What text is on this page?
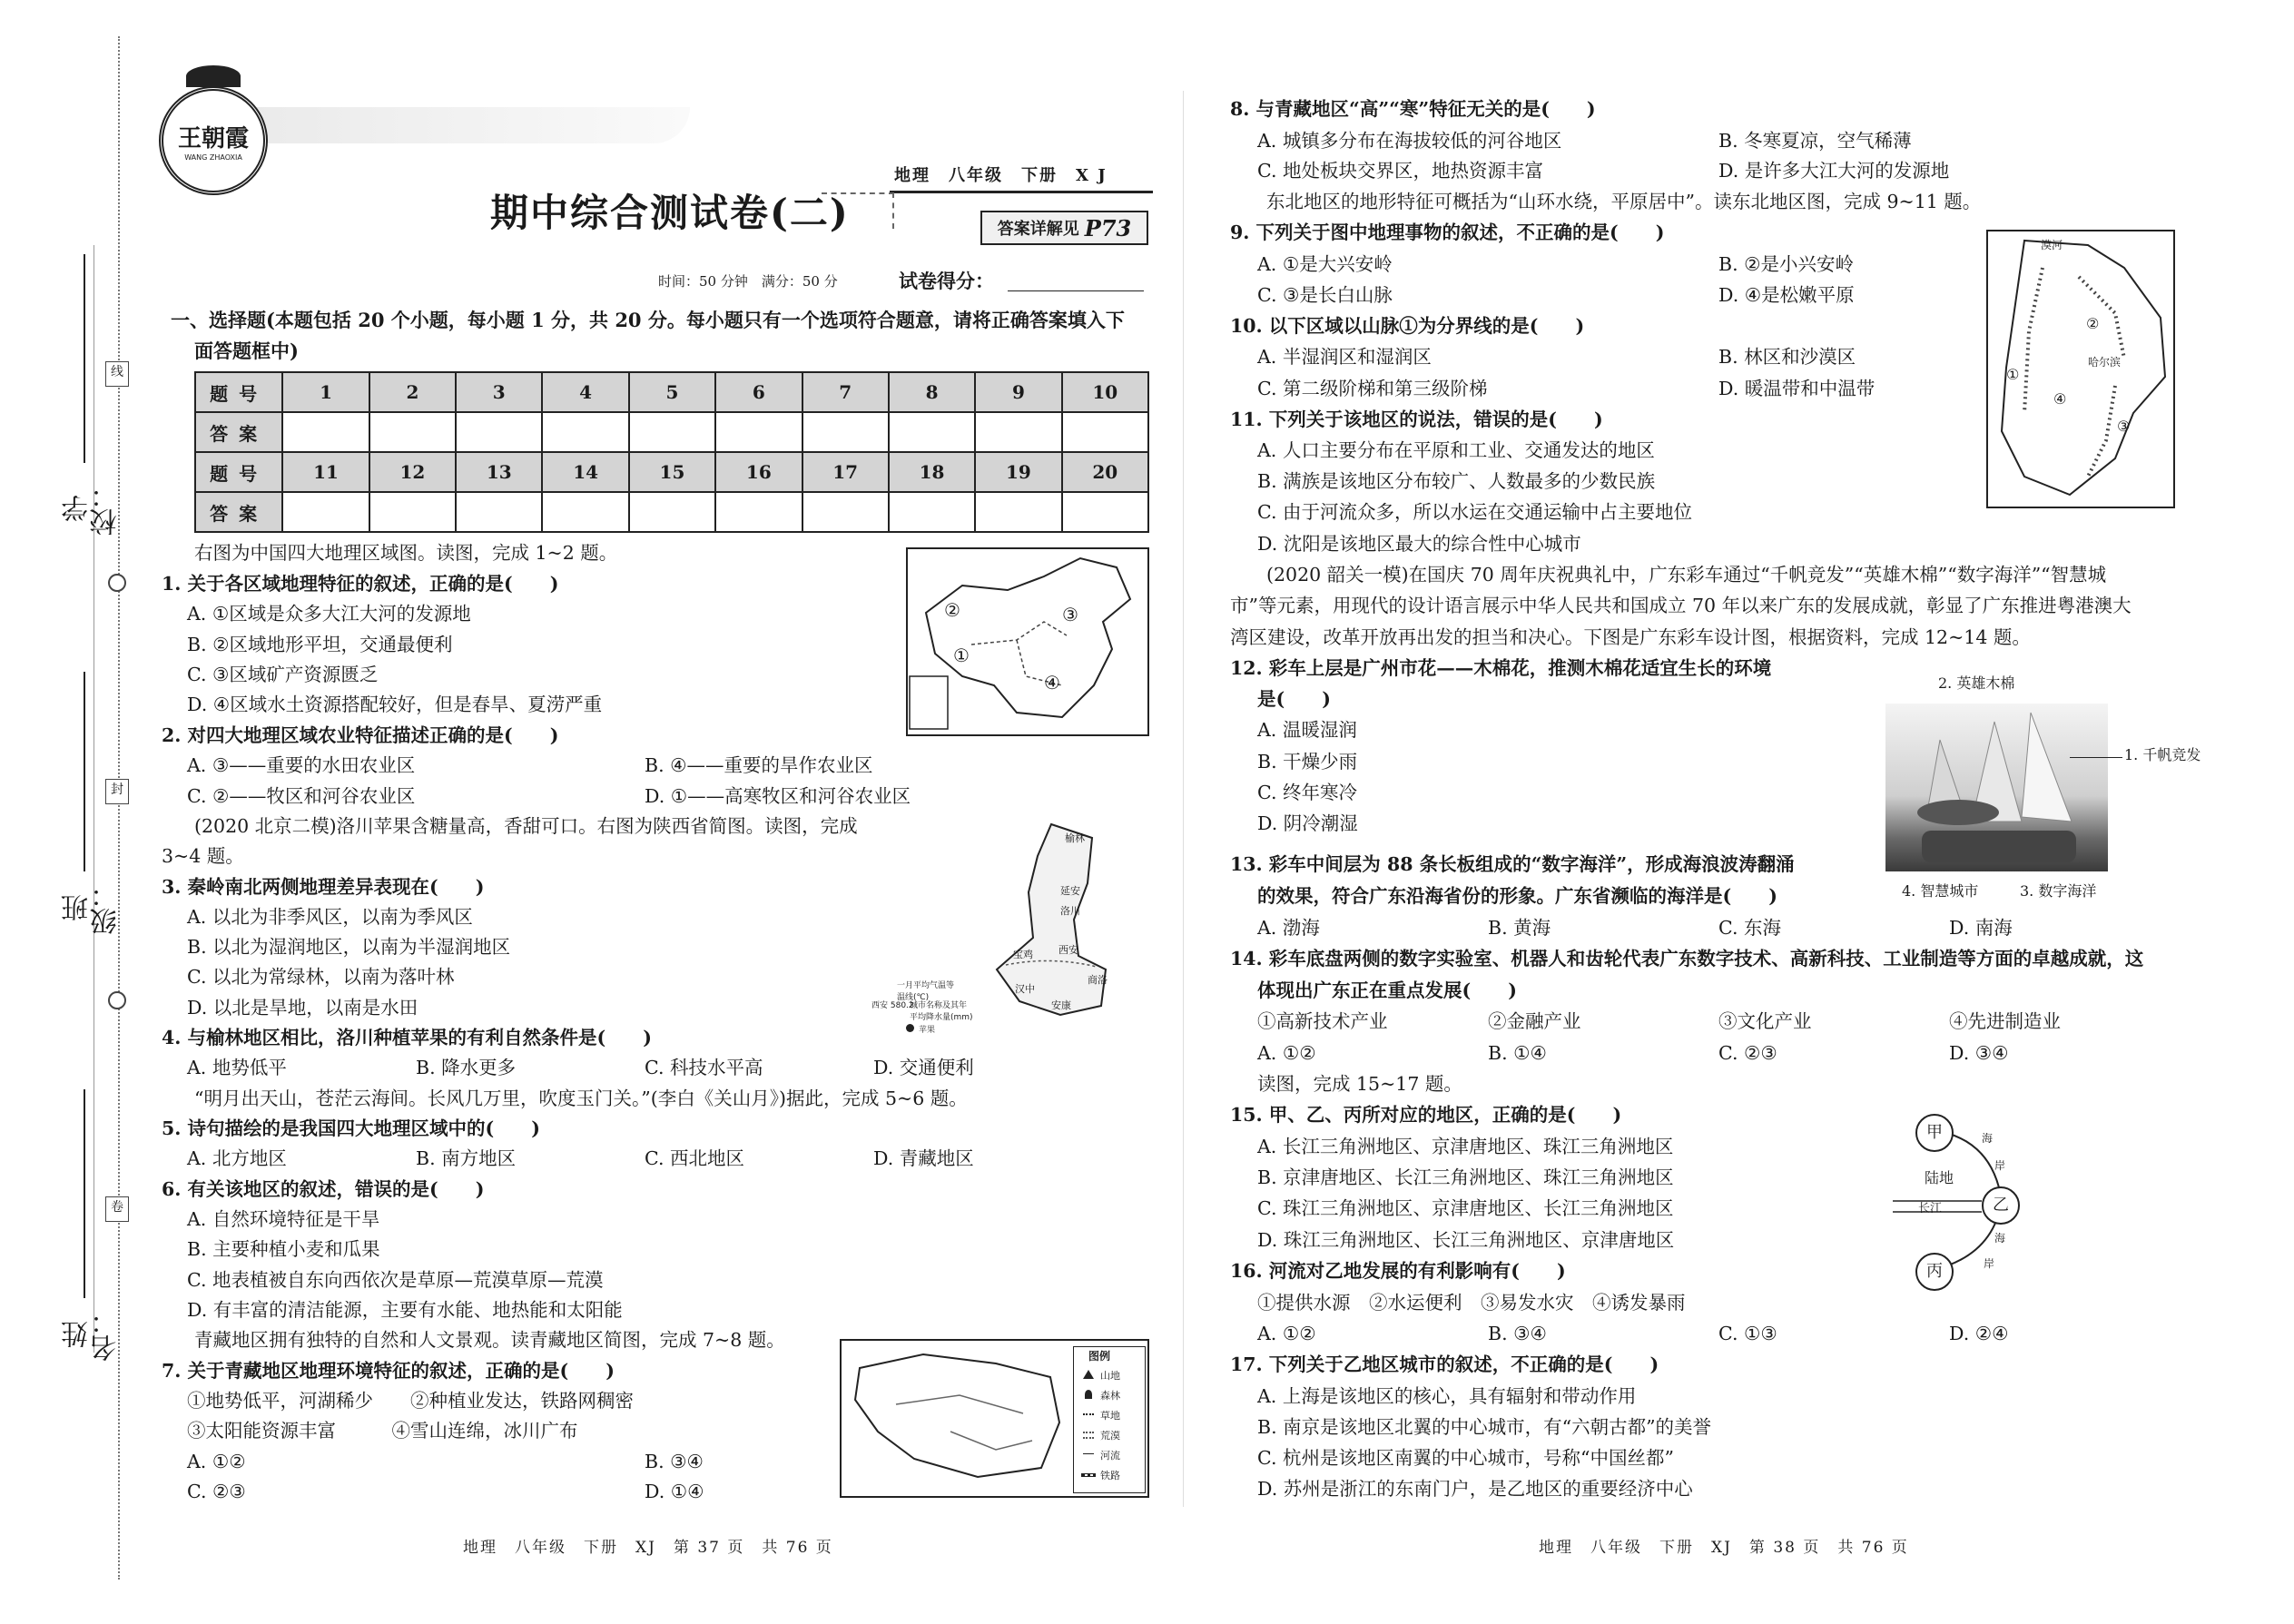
学校：
班级：
姓名：
线
封
卷
王朝霞
WANG ZHAOXIA
地理　八年级　下册　X J
期中综合测试卷(二)	答案详解见 P73
时间：50 分钟　满分：50 分	试卷得分：
一、选择题(本题包括 20 个小题，每小题 1 分，共 20 分。每小题只有一个选项符合题意，请将正确答案填入下
面答题框中)
题号	1	2	3	4	5	6	7	8	9	10
答案										
题号	11	12	13	14	15	16	17	18	19	20
答案										
右图为中国四大地理区域图。读图，完成 1~2 题。
1. 关于各区域地理特征的叙述，正确的是(　　)
A. ①区域是众多大江大河的发源地
B. ②区域地形平坦，交通最便利
C. ③区域矿产资源匮乏
D. ④区域水土资源搭配较好，但是春旱、夏涝严重
2. 对四大地理区域农业特征描述正确的是(　　)
A. ③——重要的水田农业区	B. ④——重要的旱作农业区
C. ②——牧区和河谷农业区	D. ①——高寒牧区和河谷农业区
(2020 北京二模)洛川苹果含糖量高，香甜可口。右图为陕西省简图。读图，完成
3~4 题。
3. 秦岭南北两侧地理差异表现在(　　)
A. 以北为非季风区，以南为季风区
B. 以北为湿润地区，以南为半湿润地区
C. 以北为常绿林，以南为落叶林
D. 以北是旱地，以南是水田
4. 与榆林地区相比，洛川种植苹果的有利自然条件是(　　)
A. 地势低平	B. 降水更多	C. 科技水平高	D. 交通便利
“明月出天山，苍茫云海间。长风几万里，吹度玉门关。”(李白《关山月》)据此，完成 5~6 题。
5. 诗句描绘的是我国四大地理区域中的(　　)
A. 北方地区	B. 南方地区	C. 西北地区	D. 青藏地区
6. 有关该地区的叙述，错误的是(　　)
A. 自然环境特征是干旱
B. 主要种植小麦和瓜果
C. 地表植被自东向西依次是草原—荒漠草原—荒漠
D. 有丰富的清洁能源，主要有水能、地热能和太阳能
青藏地区拥有独特的自然和人文景观。读青藏地区简图，完成 7~8 题。
7. 关于青藏地区地理环境特征的叙述，正确的是(　　)
①地势低平，河湖稀少　　②种植业发达，铁路网稠密
③太阳能资源丰富　　　④雪山连绵，冰川广布
A. ①②	B. ③④
C. ②③	D. ①④
②
①
③
④
榆林
延安
洛川
西安
宝鸡
汉中
安康
商洛
一月平均气温等温线(℃)
城市名称及其年平均降水量(mm)
西安 580.2
苹果
图例
山地
森林
草地
荒漠
河流
铁路
地理　八年级　下册　XJ　第 37 页　共 76 页
8. 与青藏地区“高”“寒”特征无关的是(　　)
A. 城镇多分布在海拔较低的河谷地区	B. 冬寒夏凉，空气稀薄
C. 地处板块交界区，地热资源丰富	D. 是许多大江大河的发源地
东北地区的地形特征可概括为“山环水绕，平原居中”。读东北地区图，完成 9~11 题。
9. 下列关于图中地理事物的叙述，不正确的是(　　)
A. ①是大兴安岭	B. ②是小兴安岭
C. ③是长白山脉	D. ④是松嫩平原
10. 以下区域以山脉①为分界线的是(　　)
A. 半湿润区和湿润区	B. 林区和沙漠区
C. 第二级阶梯和第三级阶梯	D. 暖温带和中温带
11. 下列关于该地区的说法，错误的是(　　)
A. 人口主要分布在平原和工业、交通发达的地区
B. 满族是该地区分布较广、人数最多的少数民族
C. 由于河流众多，所以水运在交通运输中占主要地位
D. 沈阳是该地区最大的综合性中心城市
漠河
①
②
④
③
哈尔滨
(2020 韶关一模)在国庆 70 周年庆祝典礼中，广东彩车通过“千帆竞发”“英雄木棉”“数字海洋”“智慧城
市”等元素，用现代的设计语言展示中华人民共和国成立 70 年以来广东的发展成就，彰显了广东推进粤港澳大
湾区建设，改革开放再出发的担当和决心。下图是广东彩车设计图，根据资料，完成 12~14 题。
12. 彩车上层是广州市花——木棉花，推测木棉花适宜生长的环境
是(　　)
A. 温暖湿润
B. 干燥少雨
C. 终年寒冷
D. 阴冷潮湿
2. 英雄木棉
1. 千帆竞发
4. 智慧城市	3. 数字海洋
13. 彩车中间层为 88 条长板组成的“数字海洋”，形成海浪波涛翻涌
的效果，符合广东沿海省份的形象。广东省濒临的海洋是(　　)
A. 渤海	B. 黄海	C. 东海	D. 南海
14. 彩车底盘两侧的数字实验室、机器人和齿轮代表广东数字技术、高新科技、工业制造等方面的卓越成就，这
体现出广东正在重点发展(　　)
①高新技术产业	②金融产业	③文化产业	④先进制造业
A. ①②	B. ①④	C. ②③	D. ③④
读图，完成 15~17 题。
15. 甲、乙、丙所对应的地区，正确的是(　　)
A. 长江三角洲地区、京津唐地区、珠江三角洲地区
B. 京津唐地区、长江三角洲地区、珠江三角洲地区
C. 珠江三角洲地区、京津唐地区、长江三角洲地区
D. 珠江三角洲地区、长江三角洲地区、京津唐地区
甲
乙
丙
陆地
长江
海
岸
海
岸
16. 河流对乙地发展的有利影响有(　　)
①提供水源　②水运便利　③易发水灾　④诱发暴雨
A. ①②	B. ③④	C. ①③	D. ②④
17. 下列关于乙地区城市的叙述，不正确的是(　　)
A. 上海是该地区的核心，具有辐射和带动作用
B. 南京是该地区北翼的中心城市，有“六朝古都”的美誉
C. 杭州是该地区南翼的中心城市，号称“中国丝都”
D. 苏州是浙江的东南门户，是乙地区的重要经济中心
地理　八年级　下册　XJ　第 38 页　共 76 页
